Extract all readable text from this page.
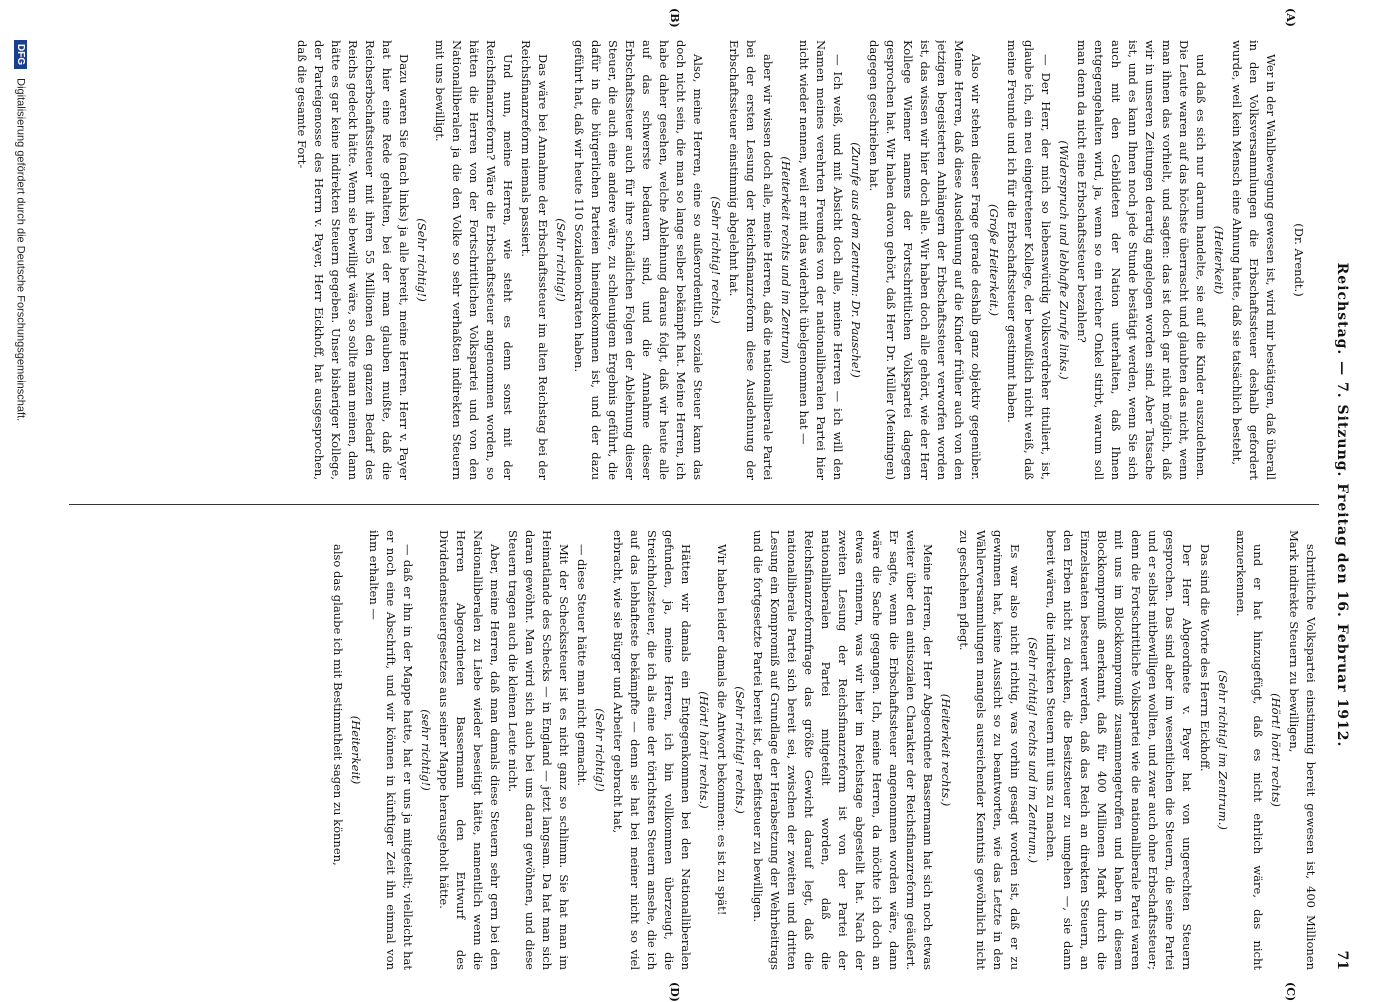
Reichstag. — 7. Sitzung. Freitag den 16. Februar 1912.
71
(A)
(B)
(C)
(D)

(Dr. Arendt.)

Wer in der Wahlbewegung gewesen ist, wird mir bestätigen, daß überall in den Volksversammlungen die Erbschaftssteuer deshalb gefordert wurde, weil kein Mensch eine Ahnung hatte, daß sie tatsächlich besteht,

(Heiterkeit)

und daß es sich nur darum handelte, sie auf die Kinder auszudehnen. Die Leute waren auf das höchste überrascht und glaubten das nicht, wenn man ihnen das vorhielt, und sagten: das ist doch gar nicht möglich, daß wir in unseren Zeitungen derartig angelogen worden sind. Aber Tatsache ist, und es kann Ihnen noch jede Stunde bestätigt werden, wenn Sie sich auch mit den Gebildeten der Nation unterhalten, daß Ihnen entgegengehalten wird, ja, wenn so ein reicher Onkel stirbt, warum soll man denn da nicht eine Erbschaftssteuer bezahlen?

(Widerspruch und lebhafte Zurufe links.)

— Der Herr, der mich so liebenswürdig Volksverdreher tituliert, ist, glaube ich, ein neu eingetretener Kollege, der bewußtlich nicht weiß, daß meine Freunde und ich für die Erbschaftssteuer gestimmt haben.

(Große Heiterkeit.)

Also wir stehen dieser Frage gerade deshalb ganz objektiv gegenüber. Meine Herren, daß diese Ausdehnung auf die Kinder früher auch von den jetzigen begeisterten Anhängern der Erbschaftssteuer verworfen worden ist, das wissen wir hier doch alle. Wir haben doch alle gehört, wie der Herr Kollege Wiemer namens der Fortschrittlichen Volkspartei dagegen gesprochen hat. Wir haben davon gehört, daß Herr Dr. Müller (Meiningen) dagegen geschrieben hat.

(Zurufe aus dem Zentrum: Dr. Paasche!)

— Ich weiß, und mit Absicht doch alle, meine Herren — ich will den Namen meines verehrten Freundes von der nationalliberalen Partei hier nicht wieder nennen, weil er mit das widerholt übelgenommen hat —

(Heiterkeit rechts und im Zentrum)

aber wir wissen doch alle, meine Herren, daß die nationalliberale Partei bei der ersten Lesung der Reichsfinanzreform diese Ausdehnung der Erbschaftssteuer einstimmig abgelehnt hat.

(Sehr richtig! rechts.)

Also, meine Herren, eine so außerordentlich soziale Steuer kann das doch nicht sein, die man so lange selber bekämpft hat. Meine Herren, ich habe daher gesehen, welche Ablehnung daraus folgt, daß wir heute alle auf das schwerste bedauern sind, und die Annahme dieser Erbschaftssteuer auch für ihre schädlichen Folgen der Ablehnung dieser Steuer, die auch eine andere wäre, zu schleunigem Ergebnis geführt, die dafür in die bürgerlichen Parteien hineingekommen ist, und der dazu geführt hat, daß wir heute 110 Sozialdemokraten haben.

(Sehr richtig!)

Das wäre bei Annahme der Erbschaftssteuer im alten Reichstag bei der Reichsfinanzreform niemals passiert.

Und nun, meine Herren, wie steht es denn sonst mit der Reichsfinanzreform? Wäre die Erbschaftssteuer angenommen worden, so hätten die Herren von der Fortschrittlichen Volkspartei und von den Nationalliberalen ja die den Volke so sehr verhaßten indirekten Steuern mit uns bewilligt.

(Sehr richtig!)

Dazu waren Sie (nach links) ja alle bereit, meine Herren. Herr v. Payer hat hier eine Rede gehalten, bei der man glauben mußte, daß die Reichserbschaftssteuer mit ihren 55 Millionen den ganzen Bedarf des Reichs gedeckt hätte. Wenn sie bewilligt wäre, so sollte man meinen, dann hätte es gar keine indirekten Steuern gegeben. Unser bisheriger Kollege, der Parteigenosse des Herrn v. Payer, Herr Eickhoff, hat ausgesprochen, daß die gesamte Fort-

schrittliche Volkspartei einstimmig bereit gewesen ist, 400 Millionen Mark indirekte Steuern zu bewilligen,

(Hört! hört! rechts)

und er hat hinzugefügt, daß es nicht ehrlich wäre, das nicht anzuerkennen.

(Sehr richtig! im Zentrum.)

Das sind die Worte des Herrn Eickhoff.

Der Herr Abgeordnete v. Payer hat von ungerechten Steuern gesprochen. Das sind aber im wesentlichen die Steuern, die seine Partei und er selbst mitbewilligen wollten, und zwar auch ohne Erbschaftssteuer; denn die Fortschrittliche Volkspartei wie die nationalliberale Partei waren mit uns im Blockkompromiß zusammengetroffen und haben in diesem Blockkompromiß anerkannt, daß für 400 Millionen Mark durch die Einzelstaaten besteuert werden, daß das Reich an direkten Steuern, an den Erben nicht zu denken, die Besitzsteuer zu umgehen —, sie dann bereit wären, die indirekten Steuern mit uns zu machen.

(Sehr richtig! rechts und im Zentrum.)

Es war also nicht richtig, was vorhin gesagt worden ist, daß er zu gewinnen hat, keine Aussicht so zu beantworten, wie das Letzte in den Wählerversammlungen mangels ausreichender Kenntnis gewöhnlich nicht zu geschehen pflegt.

(Heiterkeit rechts.)

Meine Herren, der Herr Abgeordnete Bassermann hat sich noch etwas weiter über den antisozialen Charakter der Reichsfinanzreform geäußert. Er sagte, wenn die Erbschaftssteuer angenommen worden wäre, dann wäre die Sache gegangen. Ich, meine Herren, da möchte ich doch an etwas erinnern, was wir hier im Reichstage abgestellt hat. Nach der zweiten Lesung der Reichsfinanzreform ist von der Partei der nationalliberalen Partei mitgeteilt worden, daß die Reichsfinanzreformfrage das größte Gewicht darauf legt, daß die nationalliberale Partei sich bereit sei, zwischen der zweiten und dritten Lesung ein Kompromiß auf Grundlage der Herabsetzung der Wehrbeitrags und die fortgesetzte Partei bereit ist, der Befitsteuer zu bewilligen.

(Sehr richtig! rechts.)

Wir haben leider damals die Antwort bekommen: es ist zu spät!

(Hört! hört! rechts.)

Hätten wir damals ein Entgegenkommen bei den Nationalliberalen gefunden, ja, meine Herren, ich bin vollkommen überzeugt, die Streichholzsteuer, die ich als eine der törichtsten Steuern ansehe, die ich auf das lebhafteste bekämpfte — denn sie hat bei meiner nicht so viel erbracht, wie sie Bürger und Arbeiter gebracht hat,

(Sehr richtig!)

— diese Steuer hätte man nicht gemacht.

Mit der Scheckssteuer ist es nicht ganz so schlimm. Sie hat man im Heimatlande des Schecks — in England — jetzt langsam. Da hat man sich daran gewöhnt. Man wird sich auch bei uns daran gewöhnen, und diese Steuern tragen auch die kleinen Leute nicht.

Aber, meine Herren, daß man damals diese Steuern sehr gern bei den Nationalliberalen zu Liebe wieder beseitigt hätte, namentlich wenn die Herren Abgeordneten Bassermann den Entwurf des Dividendensteuergesetzes aus seiner Mappe herausgeholt hätte.

(sehr richtig!)

— daß er ihn in der Mappe hatte, hat er uns ja mitgeteilt; vielleicht hat er noch eine Abschrift, und wir können in künftiger Zeit ihn einmal von ihm erhalten —

(Heiterkeit)

also das glaube ich mit Bestimmtheit sagen zu können,

DFG Digitalisierung gefördert durch die Deutsche Forschungsgemeinschaft.
